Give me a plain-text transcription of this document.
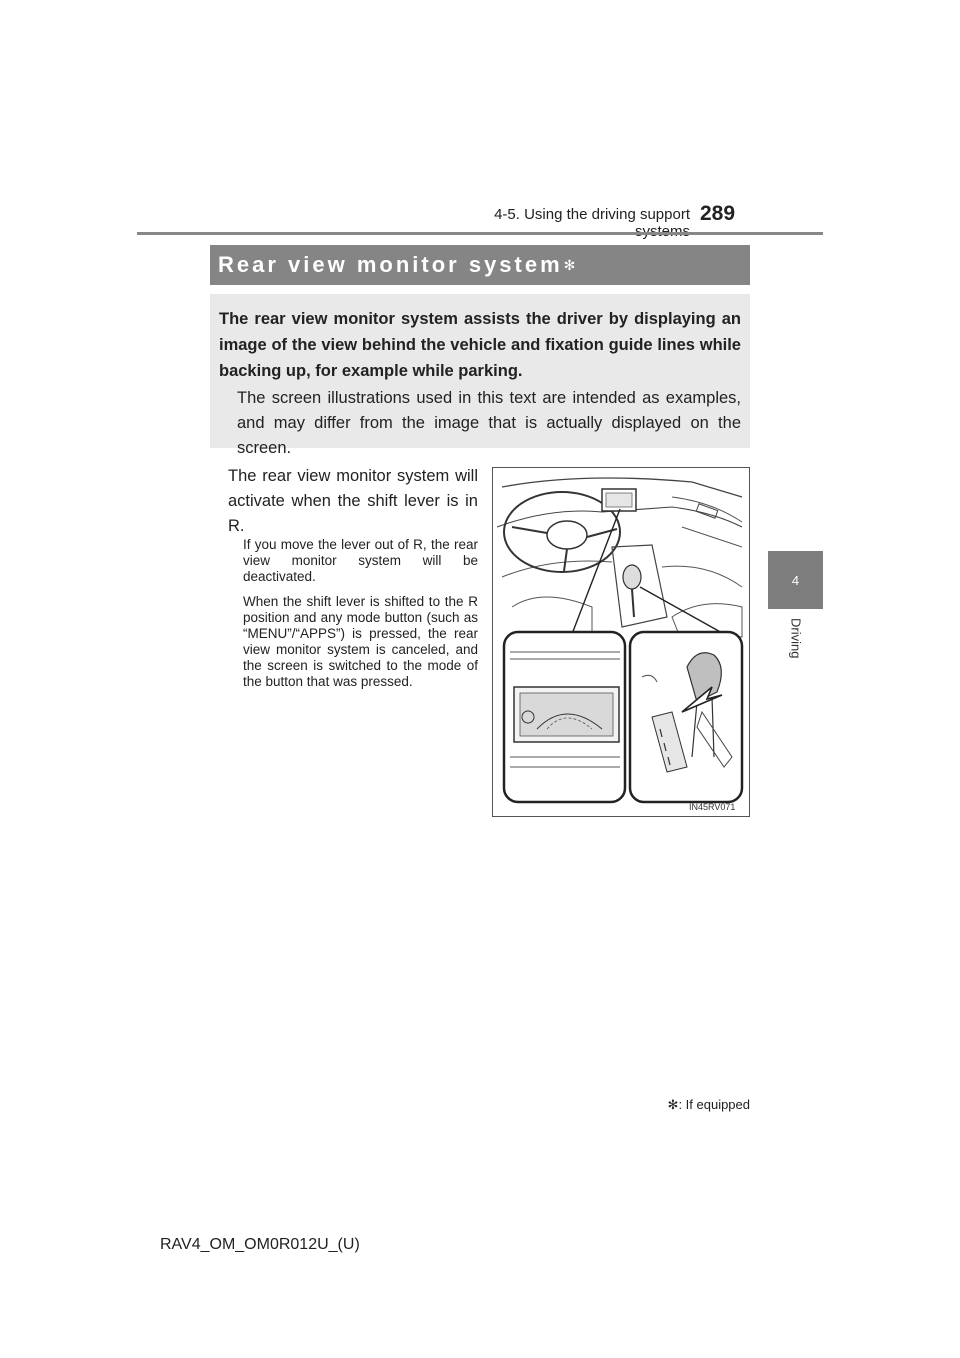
4-5. Using the driving support 289
4
Driving
Rear view monitor system ✻

The rear view monitor system assists the driver by displaying an image of the view behind the vehicle and fixation guide lines while backing up, for example while parking.

The screen illustrations used in this text are intended as examples, and may differ from the image that is actually displayed on the screen.

The rear view monitor system will activate when the shift lever is in R.

If you move the lever out of R, the rear view monitor system will be deactivated.

When the shift lever is shifted to the R position and any mode button (such as “MENU”/“APPS”) is pressed, the rear view monitor system is canceled, and the screen is switched to the mode of the button that was pressed.

IN45RV071
✻: If equipped
RAV4_OM_OM0R012U_(U)
